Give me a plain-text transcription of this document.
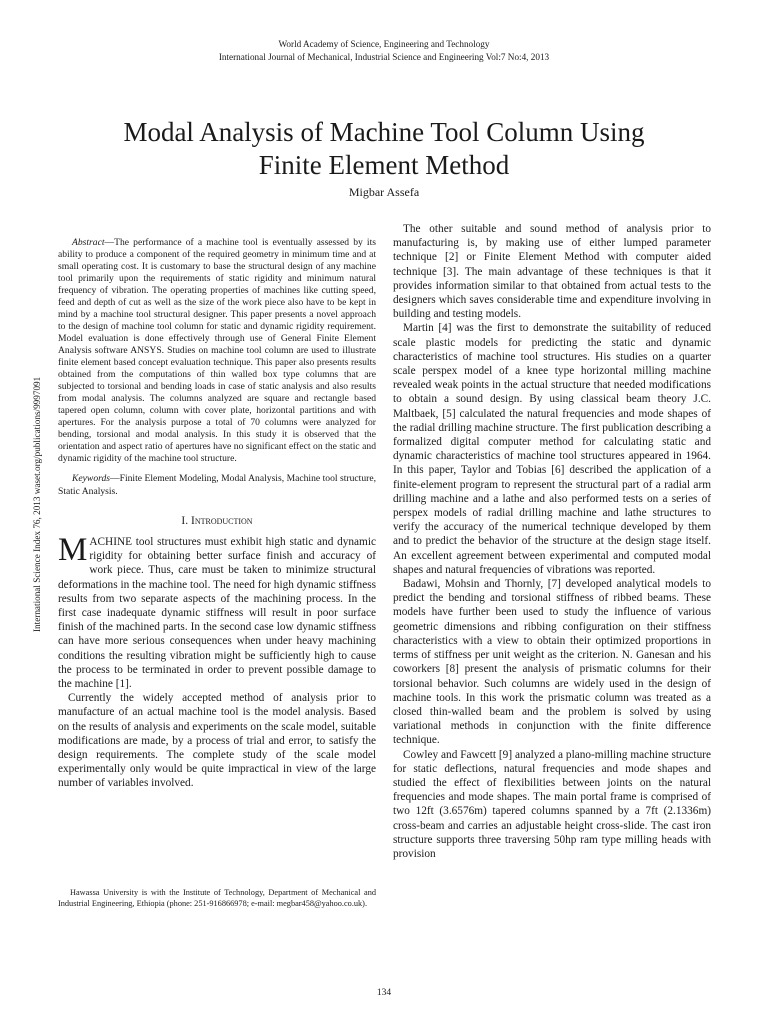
World Academy of Science, Engineering and Technology
International Journal of Mechanical, Industrial Science and Engineering Vol:7 No:4, 2013
Modal Analysis of Machine Tool Column Using
Finite Element Method
Migbar Assefa
International Science Index 76, 2013 waset.org/publications/9997091

Abstract—The performance of a machine tool is eventually assessed by its ability to produce a component of the required geometry in minimum time and at small operating cost. It is customary to base the structural design of any machine tool primarily upon the requirements of static rigidity and minimum natural frequency of vibration. The operating properties of machines like cutting speed, feed and depth of cut as well as the size of the work piece also have to be kept in mind by a machine tool structural designer. This paper presents a novel approach to the design of machine tool column for static and dynamic rigidity requirement. Model evaluation is done effectively through use of General Finite Element Analysis software ANSYS. Studies on machine tool column are used to illustrate finite element based concept evaluation technique. This paper also presents results obtained from the computations of thin walled box type columns that are subjected to torsional and bending loads in case of static analysis and also results from modal analysis. The columns analyzed are square and rectangle based tapered open column, column with cover plate, horizontal partitions and with apertures. For the analysis purpose a total of 70 columns were analyzed for bending, torsional and modal analysis. In this study it is observed that the orientation and aspect ratio of apertures have no significant effect on the static and dynamic rigidity of the machine tool structure.

Keywords—Finite Element Modeling, Modal Analysis, Machine tool structure, Static Analysis.

I. Introduction

MACHINE tool structures must exhibit high static and dynamic rigidity for obtaining better surface finish and accuracy of work piece. Thus, care must be taken to minimize structural deformations in the machine tool. The need for high dynamic stiffness results from two separate aspects of the machining process. In the first case inadequate dynamic stiffness will result in poor surface finish of the machined parts. In the second case low dynamic stiffness can have more serious consequences when under heavy machining conditions the resulting vibration might be sufficiently high to cause the process to be terminated in order to prevent possible damage to the machine [1].

Currently the widely accepted method of analysis prior to manufacture of an actual machine tool is the model analysis. Based on the results of analysis and experiments on the scale model, suitable modifications are made, by a process of trial and error, to satisfy the design requirements. The complete study of the scale model experimentally only would be quite impractical in view of the large number of variables involved.

Hawassa University is with the Institute of Technology, Department of Mechanical and Industrial Engineering, Ethiopia (phone: 251-916866978; e-mail: megbar458@yahoo.co.uk).

The other suitable and sound method of analysis prior to manufacturing is, by making use of either lumped parameter technique [2] or Finite Element Method with computer aided technique [3]. The main advantage of these techniques is that it provides information similar to that obtained from actual tests to the designers which saves considerable time and expenditure involving in building and testing models.

Martin [4] was the first to demonstrate the suitability of reduced scale plastic models for predicting the static and dynamic characteristics of machine tool structures. His studies on a quarter scale perspex model of a knee type horizontal milling machine revealed weak points in the actual structure that needed modifications to obtain a sound design. By using classical beam theory J.C. Maltbaek, [5] calculated the natural frequencies and mode shapes of the radial drilling machine structure. The first publication describing a formalized digital computer method for calculating static and dynamic characteristics of machine tool structures appeared in 1964. In this paper, Taylor and Tobias [6] described the application of a finite-element program to represent the structural part of a radial arm drilling machine and a lathe and also performed tests on a series of perspex models of radial drilling machine and lathe structures to verify the accuracy of the numerical technique developed by them and to predict the behavior of the structure at the design stage itself. An excellent agreement between experimental and computed modal shapes and natural frequencies of vibrations was reported.

Badawi, Mohsin and Thornly, [7] developed analytical models to predict the bending and torsional stiffness of ribbed beams. These models have further been used to study the influence of various geometric dimensions and ribbing configuration on their stiffness characteristics with a view to obtain their optimized proportions in terms of stiffness per unit weight as the criterion. N. Ganesan and his coworkers [8] present the analysis of prismatic columns for their torsional behavior. Such columns are widely used in the design of machine tools. In this work the prismatic column was treated as a closed thin-walled beam and the problem is solved by using variational methods in conjunction with the finite difference technique.

Cowley and Fawcett [9] analyzed a plano-milling machine structure for static deflections, natural frequencies and mode shapes and studied the effect of flexibilities between joints on the natural frequencies and mode shapes. The main portal frame is comprised of two 12ft (3.6576m) tapered columns spanned by a 7ft (2.1336m) cross-beam and carries an adjustable height cross-slide. The cast iron structure supports three traversing 50hp ram type milling heads with provision

134
